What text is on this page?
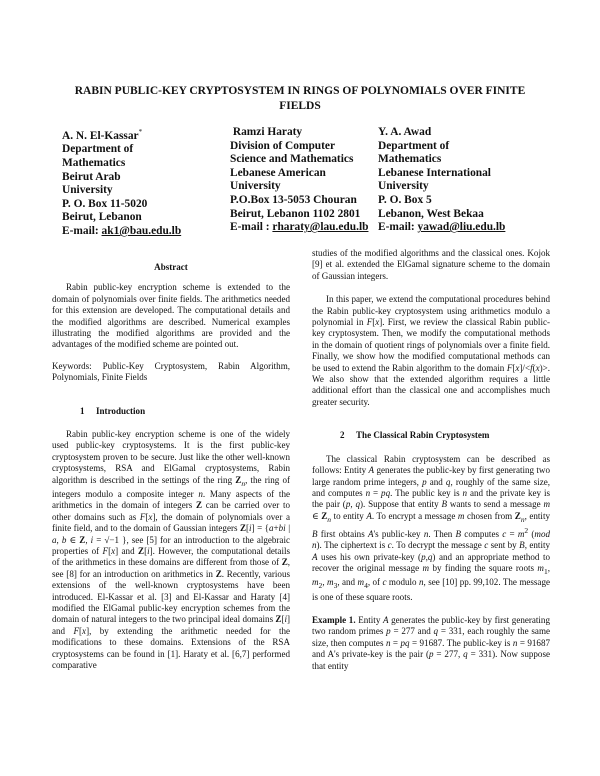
RABIN PUBLIC-KEY CRYPTOSYSTEM IN RINGS OF POLYNOMIALS OVER FINITE FIELDS
A. N. El-Kassar*
Department of
Mathematics
Beirut Arab
University
P. O. Box 11-5020
Beirut, Lebanon
E-mail: ak1@bau.edu.lb
Ramzi Haraty
Division of Computer
Science and Mathematics
Lebanese American
University
P.O.Box 13-5053 Chouran
Beirut, Lebanon 1102 2801
E-mail : rharaty@lau.edu.lb
Y. A. Awad
Department of
Mathematics
Lebanese International
University
P. O. Box 5
Lebanon, West Bekaa
E-mail: yawad@liu.edu.lb
Abstract

Rabin public-key encryption scheme is extended to the domain of polynomials over finite fields. The arithmetics needed for this extension are developed. The computational details and the modified algorithms are described. Numerical examples illustrating the modified algorithms are provided and the advantages of the modified scheme are pointed out.

Keywords: Public-Key Cryptosystem, Rabin Algorithm, Polynomials, Finite Fields

1 Introduction

Rabin public-key encryption scheme is one of the widely used public-key cryptosystems. It is the first public-key cryptosystem proven to be secure. Just like the other well-known cryptosystems, RSA and ElGamal cryptosystems, Rabin algorithm is described in the settings of the ring $Z_n$, the ring of integers modulo a composite integer n. Many aspects of the arithmetics in the domain of integers Z can be carried over to other domains such as F[x], the domain of polynomials over a finite field, and to the domain of Gaussian integers Z[i] = {a+bi | a, b ∈ Z, i = √−1 }, see [5] for an introduction to the algebraic properties of F[x] and Z[i]. However, the computational details of the arithmetics in these domains are different from those of Z, see [8] for an introduction on arithmetics in Z. Recently, various extensions of the well-known cryptosystems have been introduced. El-Kassar et al. [3] and El-Kassar and Haraty [4] modified the ElGamal public-key encryption schemes from the domain of natural integers to the two principal ideal domains Z[i] and F[x], by extending the arithmetic needed for the modifications to these domains. Extensions of the RSA cryptosystems can be found in [1]. Haraty et al. [6,7] performed comparative

studies of the modified algorithms and the classical ones. Kojok [9] et al. extended the ElGamal signature scheme to the domain of Gaussian integers.

In this paper, we extend the computational procedures behind the Rabin public-key cryptosystem using arithmetics modulo a polynomial in F[x]. First, we review the classical Rabin public-key cryptosystem. Then, we modify the computational methods in the domain of quotient rings of polynomials over a finite field. Finally, we show how the modified computational methods can be used to extend the Rabin algorithm to the domain F[x]/<f(x)>. We also show that the extended algorithm requires a little additional effort than the classical one and accomplishes much greater security.

2 The Classical Rabin Cryptosystem

The classical Rabin cryptosystem can be described as follows: Entity A generates the public-key by first generating two large random prime integers, p and q, roughly of the same size, and computes n = pq. The public key is n and the private key is the pair (p, q). Suppose that entity B wants to send a message m ∈ $Z_n$ to entity A. To encrypt a message m chosen from $Z_n$, entity B first obtains A's public-key n. Then B computes $c = m^2$ (mod n). The ciphertext is c. To decrypt the message c sent by B, entity A uses his own private-key (p,q) and an appropriate method to recover the original message m by finding the square roots $m_1$, $m_2$, $m_3$, and $m_4$, of c modulo n, see [10] pp. 99,102. The message is one of these square roots.

Example 1. Entity A generates the public-key by first generating two random primes p = 277 and q = 331, each roughly the same size, then computes n = pq = 91687. The public-key is n = 91687 and A's private-key is the pair (p = 277, q = 331). Now suppose that entity
